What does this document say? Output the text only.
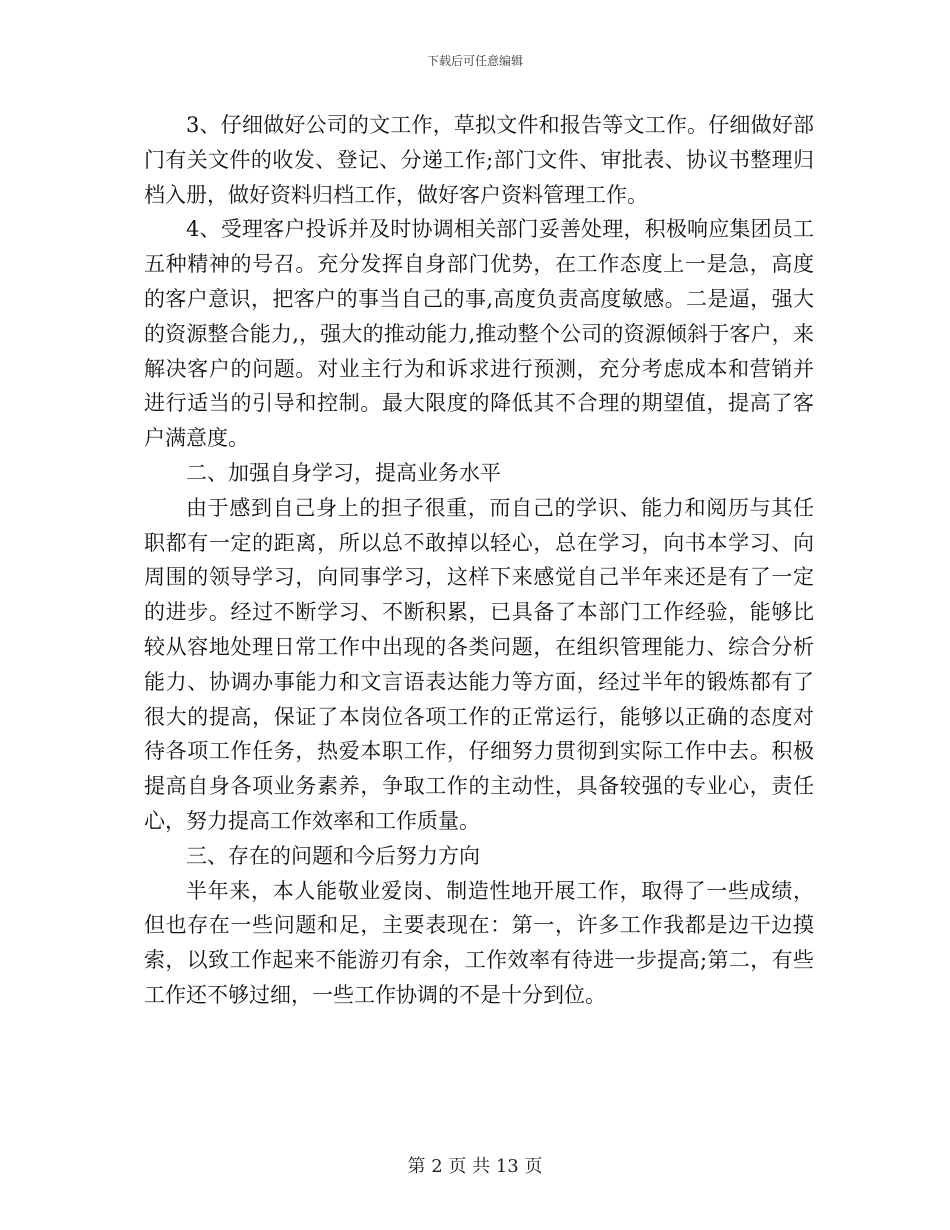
下载后可任意编辑

3、仔细做好公司的文工作，草拟文件和报告等文工作。仔细做好部门有关文件的收发、登记、分递工作;部门文件、审批表、协议书整理归档入册，做好资料归档工作，做好客户资料管理工作。

4、受理客户投诉并及时协调相关部门妥善处理，积极响应集团员工五种精神的号召。充分发挥自身部门优势，在工作态度上一是急，高度的客户意识，把客户的事当自己的事,高度负责高度敏感。二是逼，强大的资源整合能力,，强大的推动能力,推动整个公司的资源倾斜于客户，来解决客户的问题。对业主行为和诉求进行预测，充分考虑成本和营销并进行适当的引导和控制。最大限度的降低其不合理的期望值，提高了客户满意度。

二、加强自身学习，提高业务水平

由于感到自己身上的担子很重，而自己的学识、能力和阅历与其任职都有一定的距离，所以总不敢掉以轻心，总在学习，向书本学习、向周围的领导学习，向同事学习，这样下来感觉自己半年来还是有了一定的进步。经过不断学习、不断积累，已具备了本部门工作经验，能够比较从容地处理日常工作中出现的各类问题，在组织管理能力、综合分析能力、协调办事能力和文言语表达能力等方面，经过半年的锻炼都有了很大的提高，保证了本岗位各项工作的正常运行，能够以正确的态度对待各项工作任务，热爱本职工作，仔细努力贯彻到实际工作中去。积极提高自身各项业务素养，争取工作的主动性，具备较强的专业心，责任心，努力提高工作效率和工作质量。

三、存在的问题和今后努力方向

半年来，本人能敬业爱岗、制造性地开展工作，取得了一些成绩，但也存在一些问题和足，主要表现在：第一，许多工作我都是边干边摸索，以致工作起来不能游刃有余，工作效率有待进一步提高;第二，有些工作还不够过细，一些工作协调的不是十分到位。

第 2 页 共 13 页
